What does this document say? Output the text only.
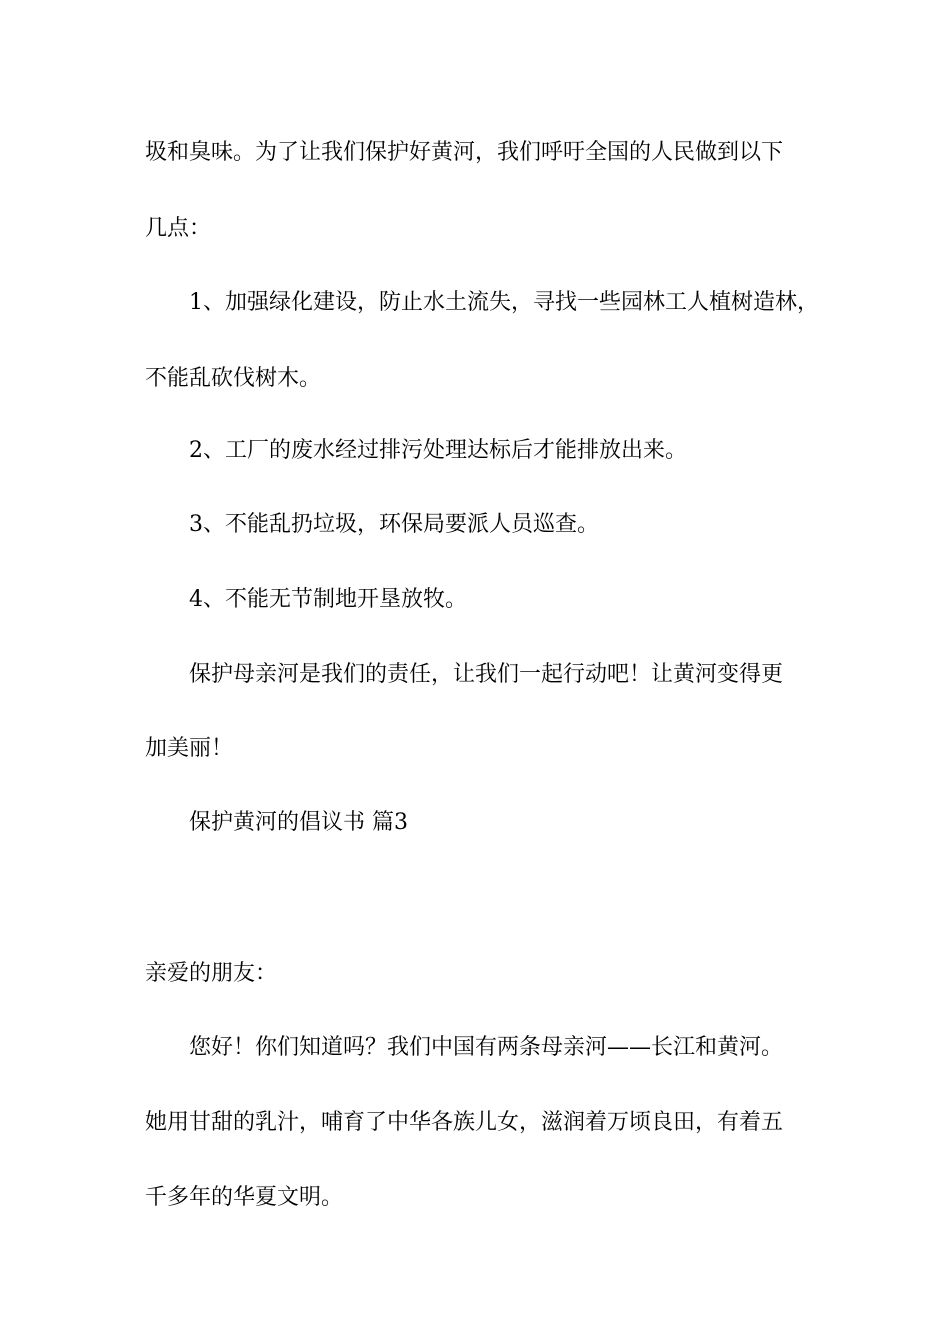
圾和臭味。为了让我们保护好黄河，我们呼吁全国的人民做到以下

几点：

1、加强绿化建设，防止水土流失，寻找一些园林工人植树造林，

不能乱砍伐树木。

2、工厂的废水经过排污处理达标后才能排放出来。

3、不能乱扔垃圾，环保局要派人员巡查。

4、不能无节制地开垦放牧。

保护母亲河是我们的责任，让我们一起行动吧！让黄河变得更

加美丽！

保护黄河的倡议书 篇3

亲爱的朋友：

您好！你们知道吗？我们中国有两条母亲河——长江和黄河。

她用甘甜的乳汁，哺育了中华各族儿女，滋润着万顷良田，有着五

千多年的华夏文明。
